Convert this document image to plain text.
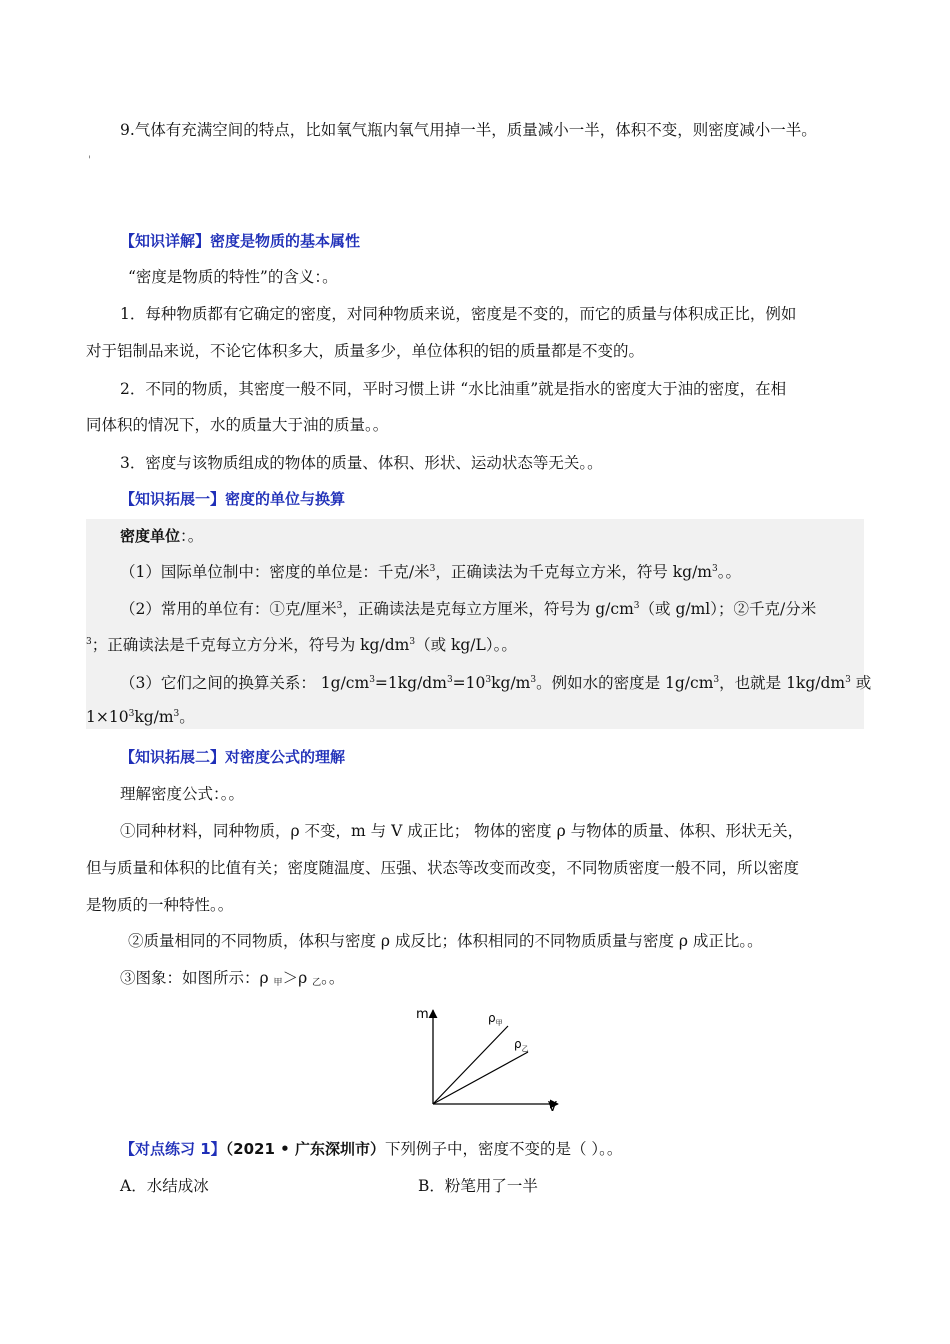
9.气体有充满空间的特点，比如氧气瓶内氧气用掉一半，质量减小一半，体积不变，则密度减小一半。
'
【知识详解】密度是物质的基本属性
“密度是物质的特性”的含义：。
1．每种物质都有它确定的密度，对同种物质来说，密度是不变的，而它的质量与体积成正比，例如
对于铝制品来说，不论它体积多大，质量多少，单位体积的铝的质量都是不变的。
2．不同的物质，其密度一般不同，平时习惯上讲 “水比油重”就是指水的密度大于油的密度，在相
同体积的情况下，水的质量大于油的质量。。
3．密度与该物质组成的物体的质量、体积、形状、运动状态等无关。。
【知识拓展一】密度的单位与换算
密度单位：。
（1）国际单位制中：密度的单位是：千克/米$^3$，正确读法为千克每立方米，符号 $kg/m^3$。。
（2）常用的单位有：①克/厘米$^3$，正确读法是克每立方厘米，符号为 $g/cm^3$（或 g/ml）；②千克/分米
$^3$；正确读法是千克每立方分米，符号为 $kg/dm^3$（或 kg/L）。。
（3）它们之间的换算关系： $1g/cm^3=1kg/dm^3=10^3kg/m^3$。例如水的密度是 $1g/cm^3$，也就是 $1kg/dm^3$ 或
$1\times 10^3kg/m^3$。
【知识拓展二】对密度公式的理解
理解密度公式：。。
①同种材料，同种物质，ρ 不变，m 与 V 成正比； 物体的密度 ρ 与物体的质量、体积、形状无关，
但与质量和体积的比值有关；密度随温度、压强、状态等改变而改变，不同物质密度一般不同，所以密度
是物质的一种特性。。
②质量相同的不同物质，体积与密度 ρ 成反比；体积相同的不同物质质量与密度 ρ 成正比。。
③图象：如图所示：ρ $_甲$＞ρ $_乙$。。
m
V
$\rho_甲$
$\rho_乙$
【对点练习 1】（2021 • 广东深圳市）下列例子中，密度不变的是（ ）。。
A．水结成冰	B．粉笔用了一半
